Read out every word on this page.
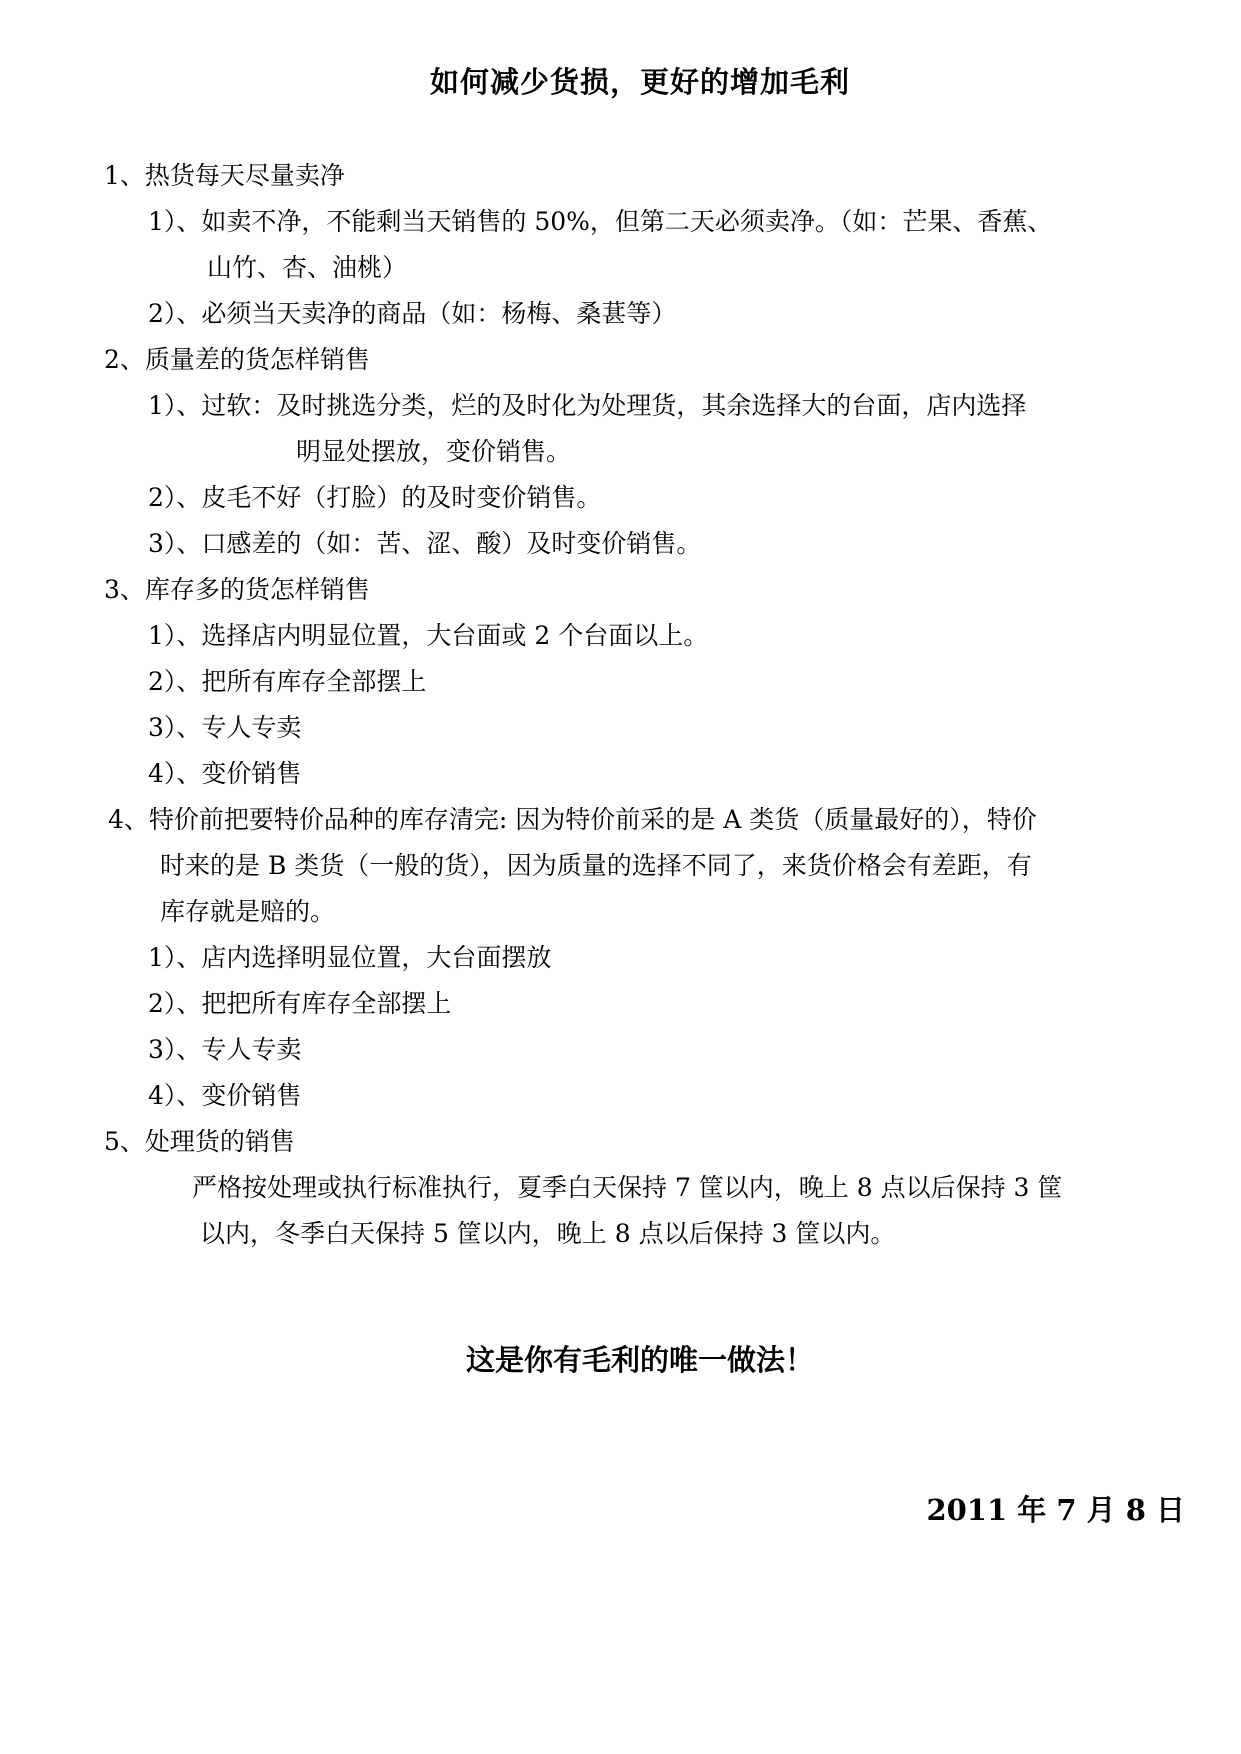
如何减少货损，更好的增加毛利
1、热货每天尽量卖净
1）、如卖不净，不能剩当天销售的 50%，但第二天必须卖净。（如：芒果、香蕉、
山竹、杏、油桃）
2）、必须当天卖净的商品（如：杨梅、桑葚等）
2、质量差的货怎样销售
1）、过软：及时挑选分类，烂的及时化为处理货，其余选择大的台面，店内选择
明显处摆放，变价销售。
2）、皮毛不好（打脸）的及时变价销售。
3）、口感差的（如：苦、涩、酸）及时变价销售。
3、库存多的货怎样销售
1）、选择店内明显位置，大台面或 2 个台面以上。
2）、把所有库存全部摆上
3）、专人专卖
4）、变价销售
4、特价前把要特价品种的库存清完: 因为特价前采的是 A 类货（质量最好的），特价
时来的是 B 类货（一般的货），因为质量的选择不同了，来货价格会有差距，有
库存就是赔的。
1）、店内选择明显位置，大台面摆放
2）、把把所有库存全部摆上
3）、专人专卖
4）、变价销售
5、处理货的销售
严格按处理或执行标准执行，夏季白天保持 7 筐以内，晚上 8 点以后保持 3 筐
以内，冬季白天保持 5 筐以内，晚上 8 点以后保持 3 筐以内。
这是你有毛利的唯一做法！
2011 年 7 月 8 日
